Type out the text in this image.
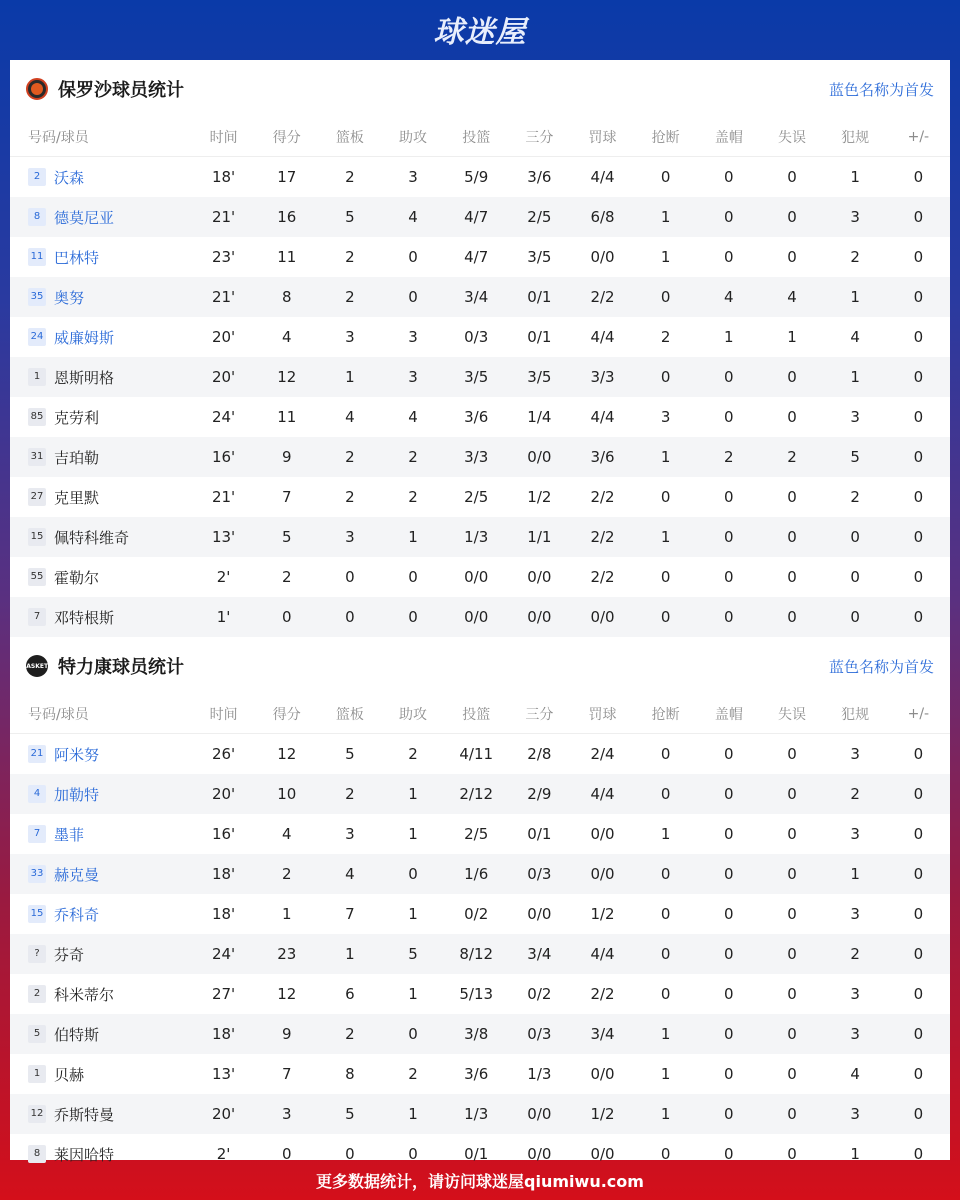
球迷屋
保罗沙球员统计	蓝色名称为首发
号码/球员	时间	得分	篮板	助攻	投篮	三分	罚球	抢断	盖帽	失误	犯规	+/-
2 沃森	18'	17	2	3	5/9	3/6	4/4	0	0	0	1	0
8 德莫尼亚	21'	16	5	4	4/7	2/5	6/8	1	0	0	3	0
11 巴林特	23'	11	2	0	4/7	3/5	0/0	1	0	0	2	0
35 奥努	21'	8	2	0	3/4	0/1	2/2	0	4	4	1	0
24 威廉姆斯	20'	4	3	3	0/3	0/1	4/4	2	1	1	4	0
1 恩斯明格	20'	12	1	3	3/5	3/5	3/3	0	0	0	1	0
85 克劳利	24'	11	4	4	3/6	1/4	4/4	3	0	0	3	0
31 吉珀勒	16'	9	2	2	3/3	0/0	3/6	1	2	2	5	0
27 克里默	21'	7	2	2	2/5	1/2	2/2	0	0	0	2	0
15 佩特科维奇	13'	5	3	1	1/3	1/1	2/2	1	0	0	0	0
55 霍勒尔	2'	2	0	0	0/0	0/0	2/2	0	0	0	0	0
7 邓特根斯	1'	0	0	0	0/0	0/0	0/0	0	0	0	0	0
BASKETS 特力康球员统计	蓝色名称为首发
号码/球员	时间	得分	篮板	助攻	投篮	三分	罚球	抢断	盖帽	失误	犯规	+/-
21 阿米努	26'	12	5	2	4/11	2/8	2/4	0	0	0	3	0
4 加勒特	20'	10	2	1	2/12	2/9	4/4	0	0	0	2	0
7 墨菲	16'	4	3	1	2/5	0/1	0/0	1	0	0	3	0
33 赫克曼	18'	2	4	0	1/6	0/3	0/0	0	0	0	1	0
15 乔科奇	18'	1	7	1	0/2	0/0	1/2	0	0	0	3	0
? 芬奇	24'	23	1	5	8/12	3/4	4/4	0	0	0	2	0
2 科米蒂尔	27'	12	6	1	5/13	0/2	2/2	0	0	0	3	0
5 伯特斯	18'	9	2	0	3/8	0/3	3/4	1	0	0	3	0
1 贝赫	13'	7	8	2	3/6	1/3	0/0	1	0	0	4	0
12 乔斯特曼	20'	3	5	1	1/3	0/0	1/2	1	0	0	3	0
8 莱因哈特	2'	0	0	0	0/1	0/0	0/0	0	0	0	1	0
更多数据统计，请访问球迷屋qiumiwu.com
